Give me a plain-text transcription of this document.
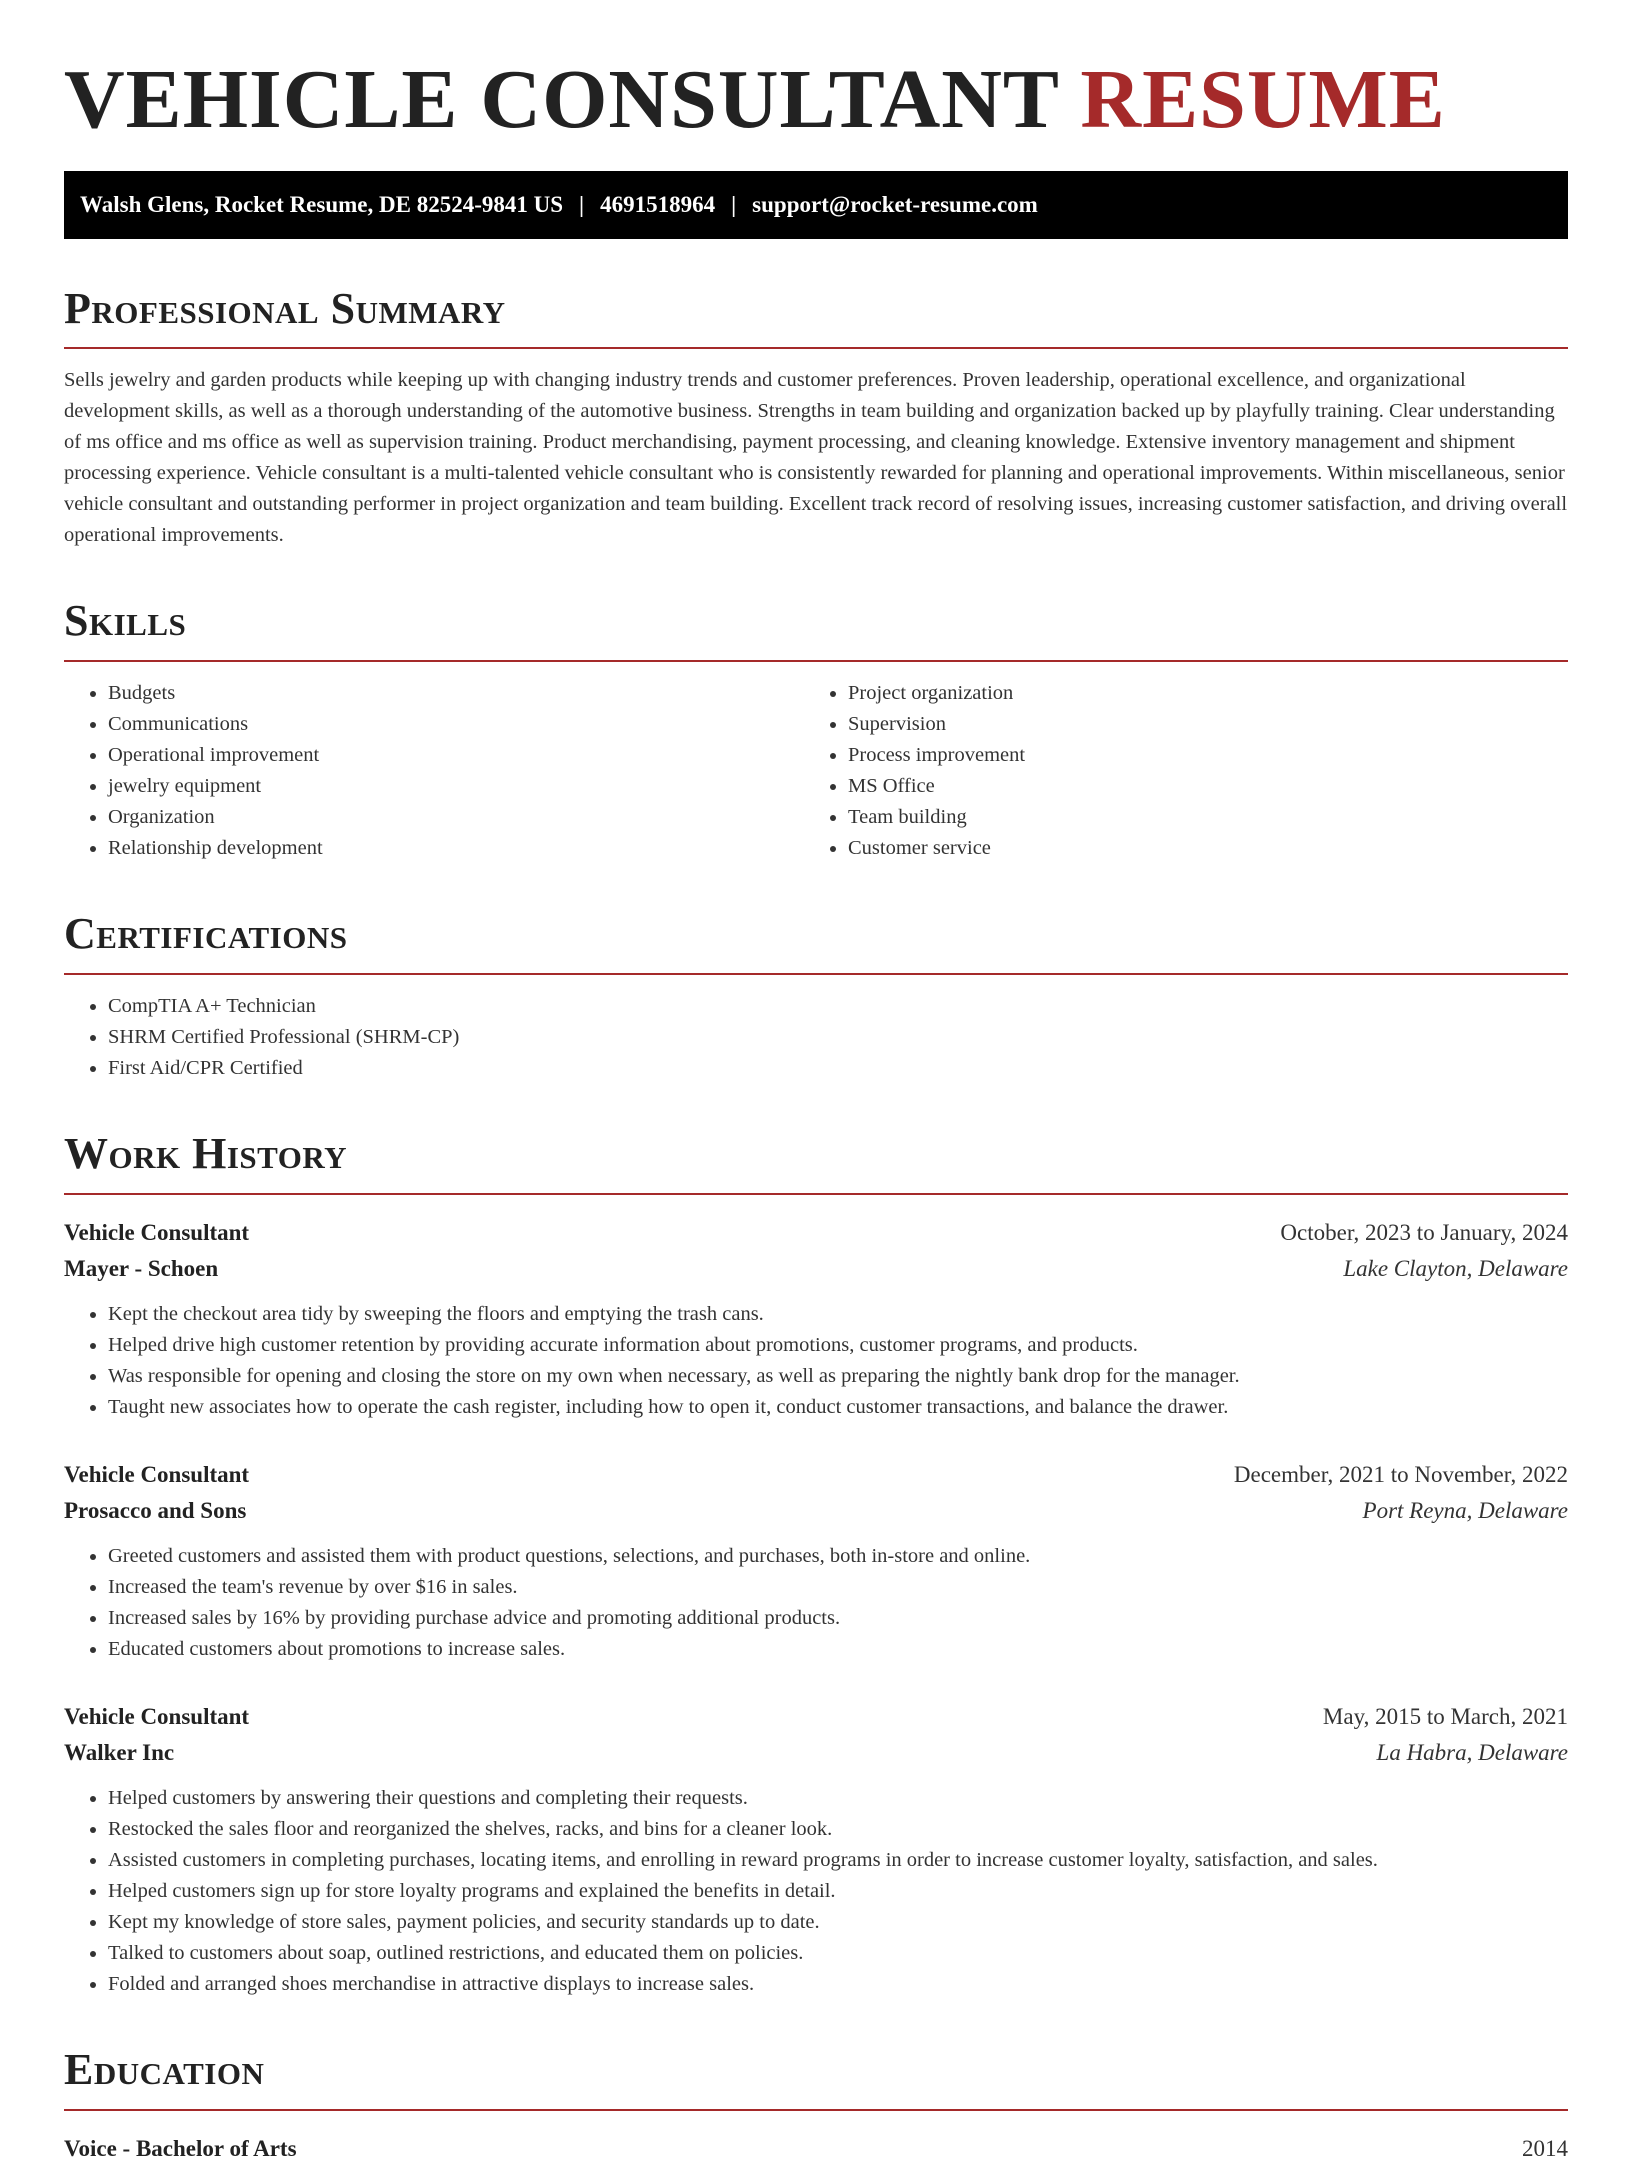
VEHICLE CONSULTANT RESUME
Walsh Glens, Rocket Resume, DE 82524-9841 US | 4691518964 | support@rocket-resume.com
Professional Summary

Sells jewelry and garden products while keeping up with changing industry trends and customer preferences. Proven leadership, operational excellence, and organizational development skills, as well as a thorough understanding of the automotive business. Strengths in team building and organization backed up by playfully training. Clear understanding of ms office and ms office as well as supervision training. Product merchandising, payment processing, and cleaning knowledge. Extensive inventory management and shipment processing experience. Vehicle consultant is a multi-talented vehicle consultant who is consistently rewarded for planning and operational improvements. Within miscellaneous, senior vehicle consultant and outstanding performer in project organization and team building. Excellent track record of resolving issues, increasing customer satisfaction, and driving overall operational improvements.

Skills
• Budgets
• Communications
• Operational improvement
• jewelry equipment
• Organization
• Relationship development
• Project organization
• Supervision
• Process improvement
• MS Office
• Team building
• Customer service
Certifications
• CompTIA A+ Technician
• SHRM Certified Professional (SHRM-CP)
• First Aid/CPR Certified
Work History
Vehicle Consultant	October, 2023 to January, 2024
Mayer - Schoen	Lake Clayton, Delaware
• Kept the checkout area tidy by sweeping the floors and emptying the trash cans.
• Helped drive high customer retention by providing accurate information about promotions, customer programs, and products.
• Was responsible for opening and closing the store on my own when necessary, as well as preparing the nightly bank drop for the manager.
• Taught new associates how to operate the cash register, including how to open it, conduct customer transactions, and balance the drawer.
Vehicle Consultant	December, 2021 to November, 2022
Prosacco and Sons	Port Reyna, Delaware
• Greeted customers and assisted them with product questions, selections, and purchases, both in-store and online.
• Increased the team's revenue by over $16 in sales.
• Increased sales by 16% by providing purchase advice and promoting additional products.
• Educated customers about promotions to increase sales.
Vehicle Consultant	May, 2015 to March, 2021
Walker Inc	La Habra, Delaware
• Helped customers by answering their questions and completing their requests.
• Restocked the sales floor and reorganized the shelves, racks, and bins for a cleaner look.
• Assisted customers in completing purchases, locating items, and enrolling in reward programs in order to increase customer loyalty, satisfaction, and sales.
• Helped customers sign up for store loyalty programs and explained the benefits in detail.
• Kept my knowledge of store sales, payment policies, and security standards up to date.
• Talked to customers about soap, outlined restrictions, and educated them on policies.
• Folded and arranged shoes merchandise in attractive displays to increase sales.
Education
Voice - Bachelor of Arts	2014
